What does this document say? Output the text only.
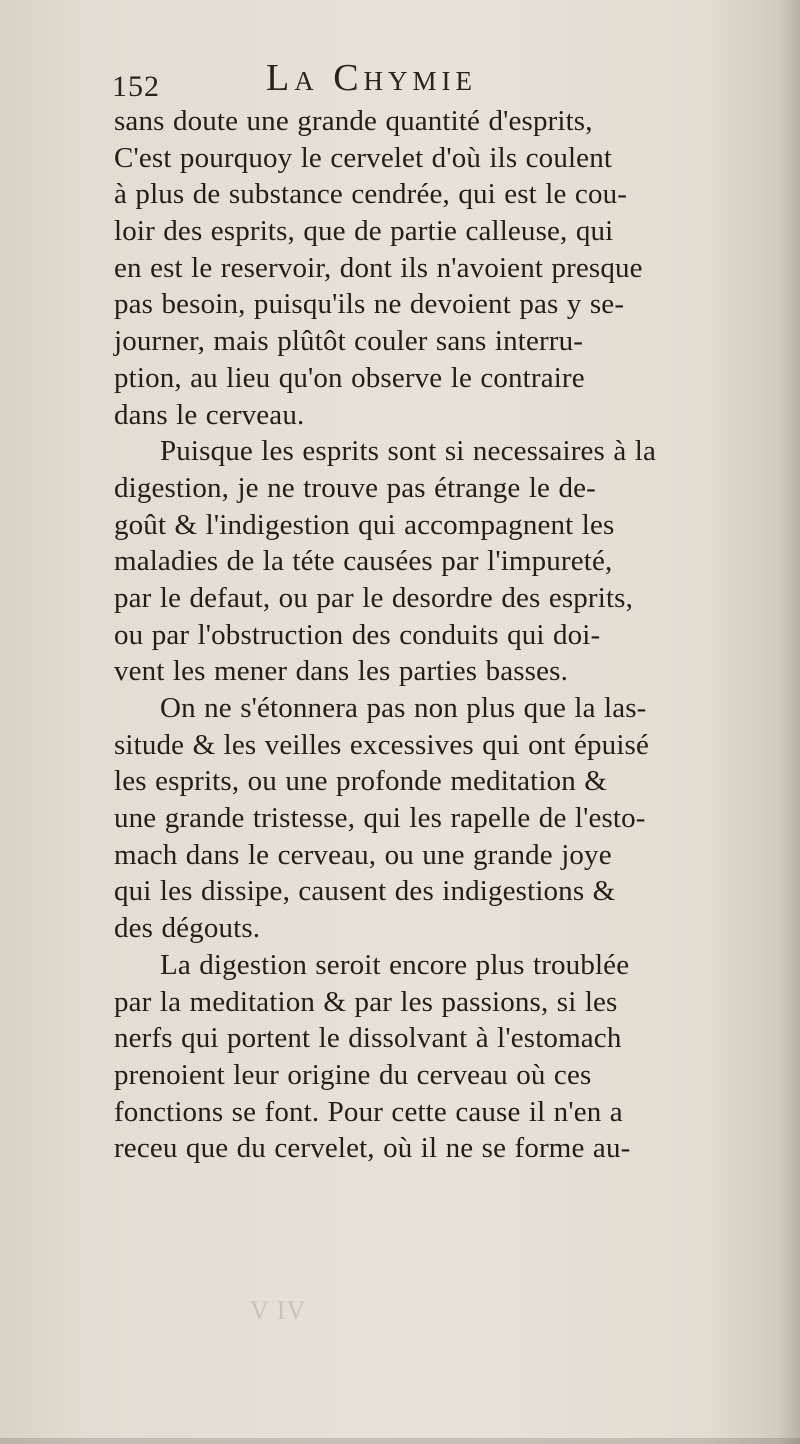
152	La Chymie
sans doute une grande quantité d'esprits,
C'est pourquoy le cervelet d'où ils coulent
à plus de substance cendrée, qui est le cou-
loir des esprits, que de partie calleuse, qui
en est le reservoir, dont ils n'avoient presque
pas besoin, puisqu'ils ne devoient pas y se-
journer, mais plûtôt couler sans interru-
ption, au lieu qu'on observe le contraire
dans le cerveau.
Puisque les esprits sont si necessaires à la
digestion, je ne trouve pas étrange le de-
goût & l'indigestion qui accompagnent les
maladies de la téte causées par l'impureté,
par le defaut, ou par le desordre des esprits,
ou par l'obstruction des conduits qui doi-
vent les mener dans les parties basses.
On ne s'étonnera pas non plus que la las-
situde & les veilles excessives qui ont épuisé
les esprits, ou une profonde meditation &
une grande tristesse, qui les rapelle de l'esto-
mach dans le cerveau, ou une grande joye
qui les dissipe, causent des indigestions &
des dégouts.
La digestion seroit encore plus troublée
par la meditation & par les passions, si les
nerfs qui portent le dissolvant à l'estomach
prenoient leur origine du cerveau où ces
fonctions se font. Pour cette cause il n'en a
receu que du cervelet, où il ne se forme au-
V IV
